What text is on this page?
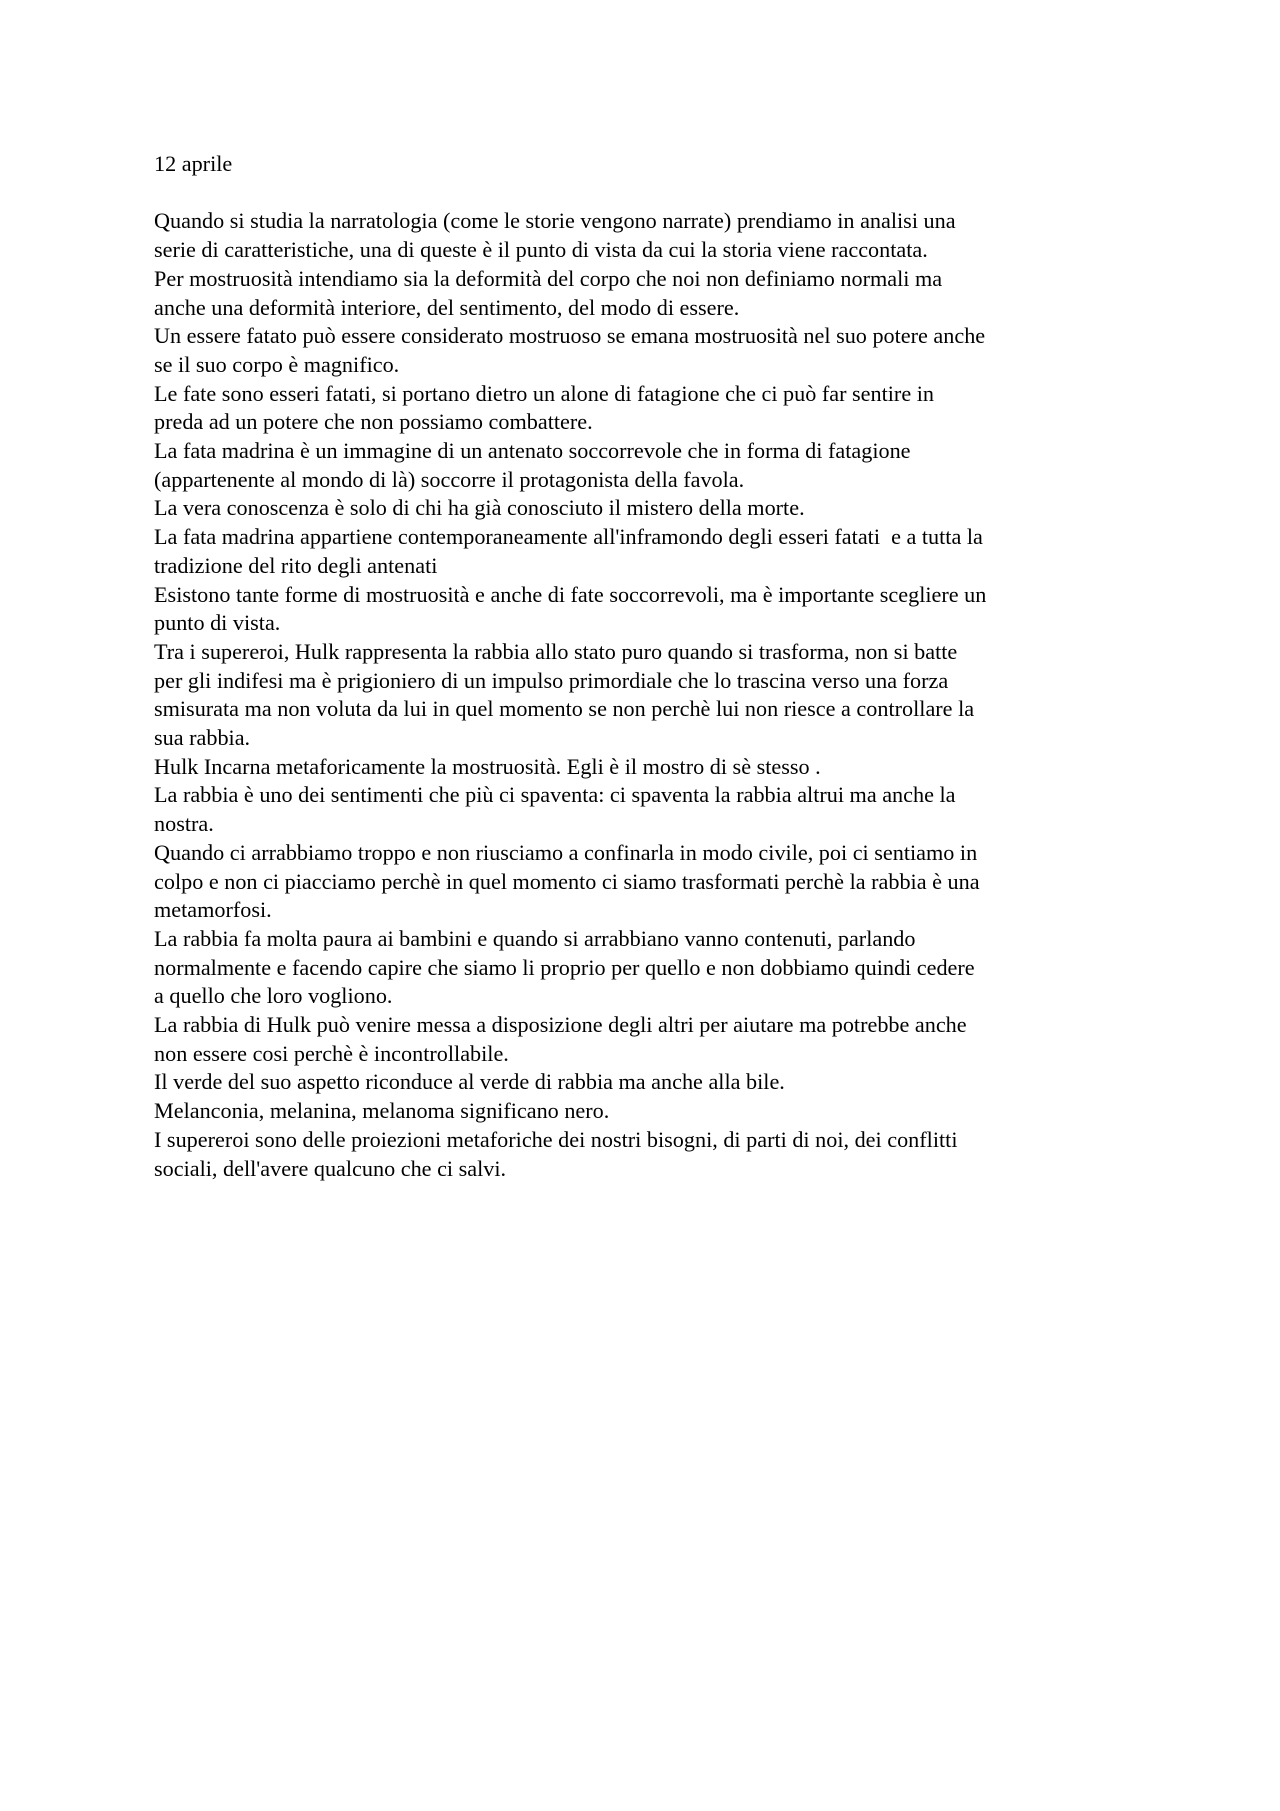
12 aprile
Quando si studia la narratologia (come le storie vengono narrate) prendiamo in analisi una
serie di caratteristiche, una di queste è il punto di vista da cui la storia viene raccontata.
Per mostruosità intendiamo sia la deformità del corpo che noi non definiamo normali ma
anche una deformità interiore, del sentimento, del modo di essere.
Un essere fatato può essere considerato mostruoso se emana mostruosità nel suo potere anche
se il suo corpo è magnifico.
Le fate sono esseri fatati, si portano dietro un alone di fatagione che ci può far sentire in
preda ad un potere che non possiamo combattere.
La fata madrina è un immagine di un antenato soccorrevole che in forma di fatagione
(appartenente al mondo di là) soccorre il protagonista della favola.
La vera conoscenza è solo di chi ha già conosciuto il mistero della morte.
La fata madrina appartiene contemporaneamente all'inframondo degli esseri fatati  e a tutta la
tradizione del rito degli antenati
Esistono tante forme di mostruosità e anche di fate soccorrevoli, ma è importante scegliere un
punto di vista.
Tra i supereroi, Hulk rappresenta la rabbia allo stato puro quando si trasforma, non si batte
per gli indifesi ma è prigioniero di un impulso primordiale che lo trascina verso una forza
smisurata ma non voluta da lui in quel momento se non perchè lui non riesce a controllare la
sua rabbia.
Hulk Incarna metaforicamente la mostruosità. Egli è il mostro di sè stesso .
La rabbia è uno dei sentimenti che più ci spaventa: ci spaventa la rabbia altrui ma anche la
nostra.
Quando ci arrabbiamo troppo e non riusciamo a confinarla in modo civile, poi ci sentiamo in
colpo e non ci piacciamo perchè in quel momento ci siamo trasformati perchè la rabbia è una
metamorfosi.
La rabbia fa molta paura ai bambini e quando si arrabbiano vanno contenuti, parlando
normalmente e facendo capire che siamo li proprio per quello e non dobbiamo quindi cedere
a quello che loro vogliono.
La rabbia di Hulk può venire messa a disposizione degli altri per aiutare ma potrebbe anche
non essere cosi perchè è incontrollabile.
Il verde del suo aspetto riconduce al verde di rabbia ma anche alla bile.
Melanconia, melanina, melanoma significano nero.
I supereroi sono delle proiezioni metaforiche dei nostri bisogni, di parti di noi, dei conflitti
sociali, dell'avere qualcuno che ci salvi.
